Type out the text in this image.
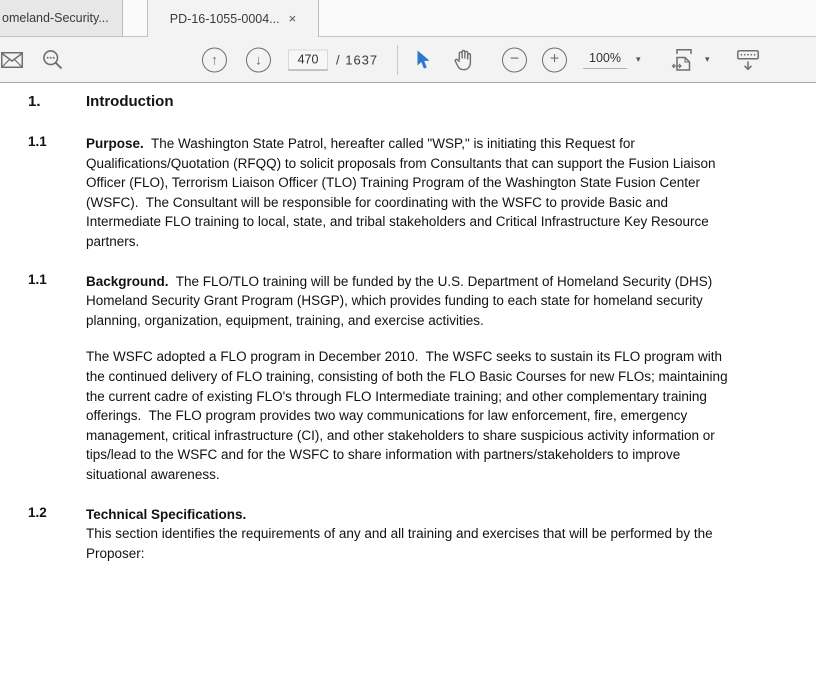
omeland-Security...	PD-16-1055-0004... ×
↑	↓
470	/ 1637	− +	100%	▾	▾
1.	Introduction
1.1	Purpose.  The Washington State Patrol, hereafter called "WSP," is initiating this Request for Qualifications/Quotation (RFQQ) to solicit proposals from Consultants that can support the Fusion Liaison Officer (FLO), Terrorism Liaison Officer (TLO) Training Program of the Washington State Fusion Center (WSFC).  The Consultant will be responsible for coordinating with the WSFC to provide Basic and Intermediate FLO training to local, state, and tribal stakeholders and Critical Infrastructure Key Resource partners.
1.1	Background.  The FLO/TLO training will be funded by the U.S. Department of Homeland Security (DHS) Homeland Security Grant Program (HSGP), which provides funding to each state for homeland security planning, organization, equipment, training, and exercise activities.
The WSFC adopted a FLO program in December 2010.  The WSFC seeks to sustain its FLO program with the continued delivery of FLO training, consisting of both the FLO Basic Courses for new FLOs; maintaining the current cadre of existing FLO's through FLO Intermediate training; and other complementary training offerings.  The FLO program provides two way communications for law enforcement, fire, emergency management, critical infrastructure (CI), and other stakeholders to share suspicious activity information or tips/lead to the WSFC and for the WSFC to share information with partners/stakeholders to improve situational awareness.
1.2	Technical Specifications.
This section identifies the requirements of any and all training and exercises that will be performed by the Proposer:
